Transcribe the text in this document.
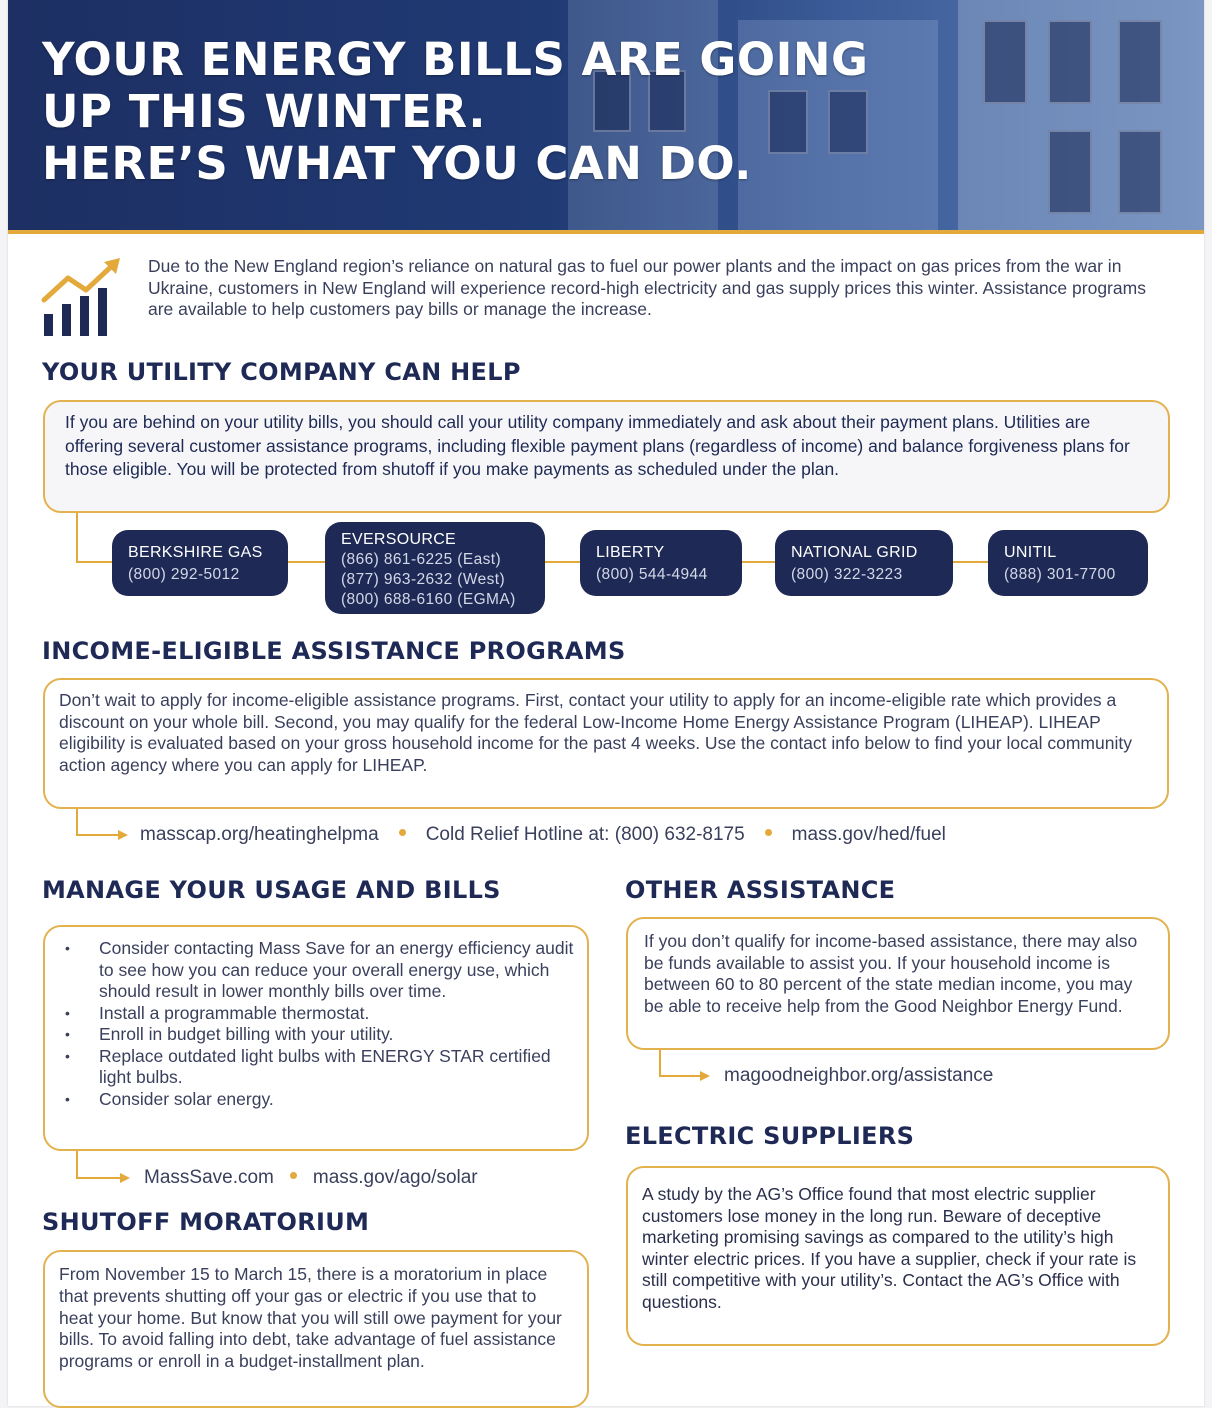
YOUR ENERGY BILLS ARE GOING
UP THIS WINTER.
HERE’S WHAT YOU CAN DO.
Due to the New England region’s reliance on natural gas to fuel our power plants and the impact on gas prices from the war in Ukraine, customers in New England will experience record-high electricity and gas supply prices this winter. Assistance programs are available to help customers pay bills or manage the increase.
YOUR UTILITY COMPANY CAN HELP
If you are behind on your utility bills, you should call your utility company immediately and ask about their payment plans. Utilities are offering several customer assistance programs, including flexible payment plans (regardless of income) and balance forgiveness plans for those eligible. You will be protected from shutoff if you make payments as scheduled under the plan.
BERKSHIRE GAS
(800) 292-5012
EVERSOURCE
(866) 861-6225 (East)
(877) 963-2632 (West)
(800) 688-6160 (EGMA)
LIBERTY
(800) 544-4944
NATIONAL GRID
(800) 322-3223
UNITIL
(888) 301-7700
INCOME-ELIGIBLE ASSISTANCE PROGRAMS
Don’t wait to apply for income-eligible assistance programs. First, contact your utility to apply for an income-eligible rate which provides a discount on your whole bill. Second, you may qualify for the federal Low-Income Home Energy Assistance Program (LIHEAP). LIHEAP eligibility is evaluated based on your gross household income for the past 4 weeks. Use the contact info below to find your local community action agency where you can apply for LIHEAP.
masscap.org/heatinghelpma Cold Relief Hotline at: (800) 632-8175 mass.gov/hed/fuel
MANAGE YOUR USAGE AND BILLS
• Consider contacting Mass Save for an energy efficiency audit to see how you can reduce your overall energy use, which should result in lower monthly bills over time.
• Install a programmable thermostat.
• Enroll in budget billing with your utility.
• Replace outdated light bulbs with ENERGY STAR certified light bulbs.
• Consider solar energy.
MassSave.com mass.gov/ago/solar
SHUTOFF MORATORIUM
From November 15 to March 15, there is a moratorium in place that prevents shutting off your gas or electric if you use that to heat your home. But know that you will still owe payment for your bills. To avoid falling into debt, take advantage of fuel assistance programs or enroll in a budget-installment plan.
OTHER ASSISTANCE
If you don’t qualify for income-based assistance, there may also be funds available to assist you. If your household income is between 60 to 80 percent of the state median income, you may be able to receive help from the Good Neighbor Energy Fund.
magoodneighbor.org/assistance
ELECTRIC SUPPLIERS
A study by the AG’s Office found that most electric supplier customers lose money in the long run. Beware of deceptive marketing promising savings as compared to the utility’s high winter electric prices. If you have a supplier, check if your rate is still competitive with your utility’s. Contact the AG’s Office with questions.
